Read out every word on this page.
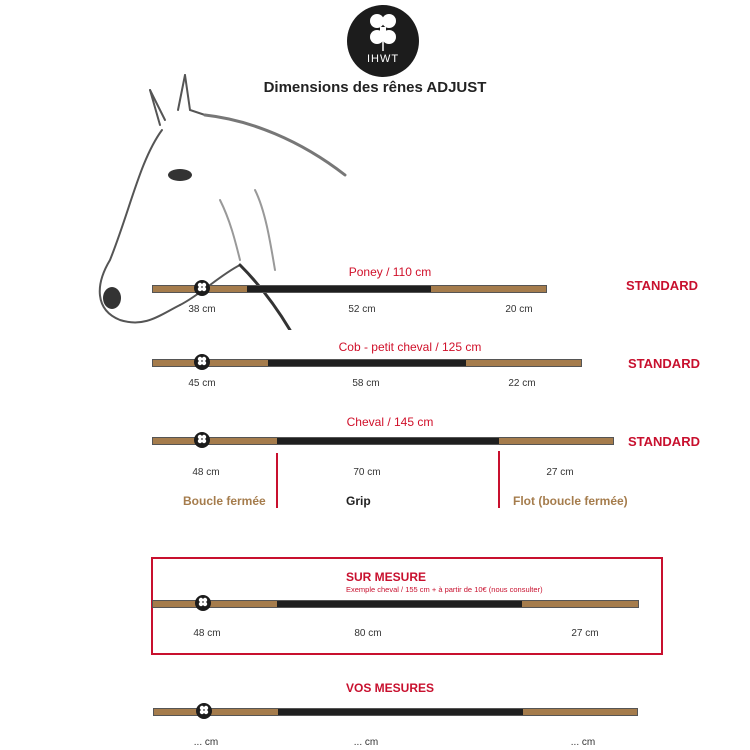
IHWT
Dimensions des rênes ADJUST
Poney / 110 cm
STANDARD
38 cm	52 cm	20 cm
Cob - petit cheval / 125 cm
STANDARD
45 cm	58 cm	22 cm
Cheval / 145 cm
STANDARD
48 cm	70 cm	27 cm
Boucle fermée	Grip	Flot (boucle fermée)
SUR MESURE
Exemple cheval / 155 cm + à partir de 10€ (nous consulter)
48 cm	80 cm	27 cm
VOS MESURES
... cm	... cm	... cm
